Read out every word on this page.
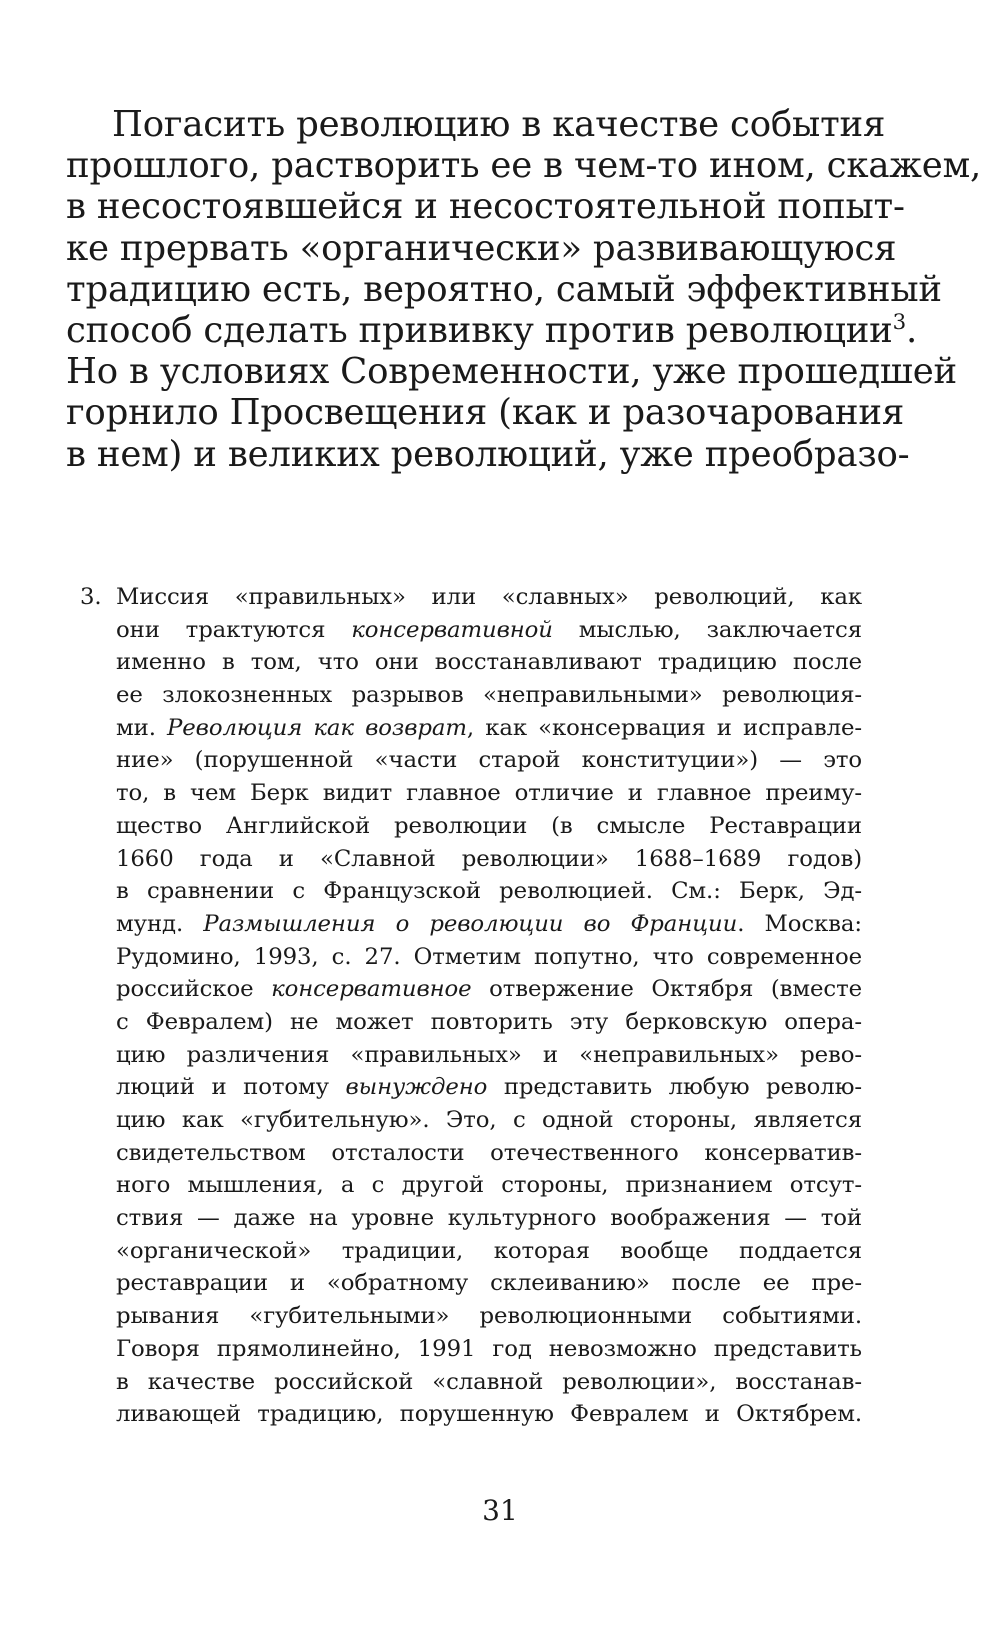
Погасить революцию в качестве события
прошлого, растворить ее в чем-то ином, скажем,
в несостоявшейся и несостоятельной попыт-
ке прервать «органически» развивающуюся
традицию есть, вероятно, самый эффективный
способ сделать прививку против революции$^3$.
Но в условиях Современности, уже прошедшей
горнило Просвещения (как и разочарования
в нем) и великих революций, уже преобразо-
3. Миссия «правильных» или «славных» революций, как
они трактуются консервативной мыслью, заключается
именно в том, что они восстанавливают традицию после
ее злокозненных разрывов «неправильными» революция-
ми. Революция как возврат, как «консервация и исправле-
ние» (порушенной «части старой конституции») — это
то, в чем Берк видит главное отличие и главное преиму-
щество Английской революции (в смысле Реставрации
1660 года и «Славной революции» 1688–1689 годов)
в сравнении с Французской революцией. См.: Берк, Эд-
мунд. Размышления о революции во Франции. Москва:
Рудомино, 1993, с. 27. Отметим попутно, что современное
российское консервативное отвержение Октября (вместе
с Февралем) не может повторить эту берковскую опера-
цию различения «правильных» и «неправильных» рево-
люций и потому вынуждено представить любую револю-
цию как «губительную». Это, с одной стороны, является
свидетельством отсталости отечественного консерватив-
ного мышления, а с другой стороны, признанием отсут-
ствия — даже на уровне культурного воображения — той
«органической» традиции, которая вообще поддается
реставрации и «обратному склеиванию» после ее пре-
рывания «губительными» революционными событиями.
Говоря прямолинейно, 1991 год невозможно представить
в качестве российской «славной революции», восстанав-
ливающей традицию, порушенную Февралем и Октябрем.
31
